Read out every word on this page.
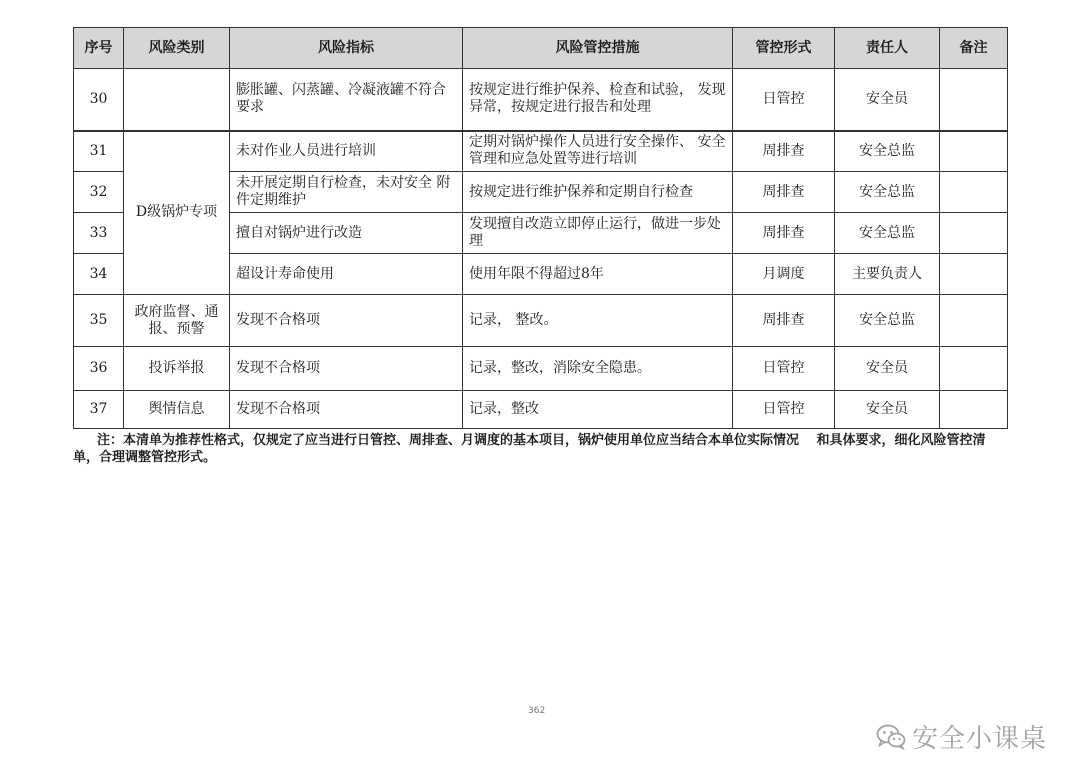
序号	风险类别	风险指标	风险管控措施	管控形式	责任人	备注
30		膨胀罐、闪蒸罐、冷凝液罐不符合要求	按规定进行维护保养、检查和试验， 发现异常，按规定进行报告和处理	日管控	安全员	
31	D级锅炉专项	未对作业人员进行培训	定期对锅炉操作人员进行安全操作、 安全管理和应急处置等进行培训	周排查	安全总监	
32		未开展定期自行检查，未对安全 附件定期维护	按规定进行维护保养和定期自行检查	周排查	安全总监	
33		擅自对锅炉进行改造	发现擅自改造立即停止运行，做进一步处理	周排查	安全总监	
34		超设计寿命使用	使用年限不得超过8年	月调度	主要负责人	
35	政府监督、通报、预警	发现不合格项	记录， 整改。	周排查	安全总监	
36	投诉举报	发现不合格项	记录，整改，消除安全隐患。	日管控	安全员	
37	舆情信息	发现不合格项	记录，整改	日管控	安全员	
注：本清单为推荐性格式，仅规定了应当进行日管控、周排查、月调度的基本项目，锅炉使用单位应当结合本单位实际情况　 和具体要求，细化风险管控清单，合理调整管控形式。
362
安全小课桌
